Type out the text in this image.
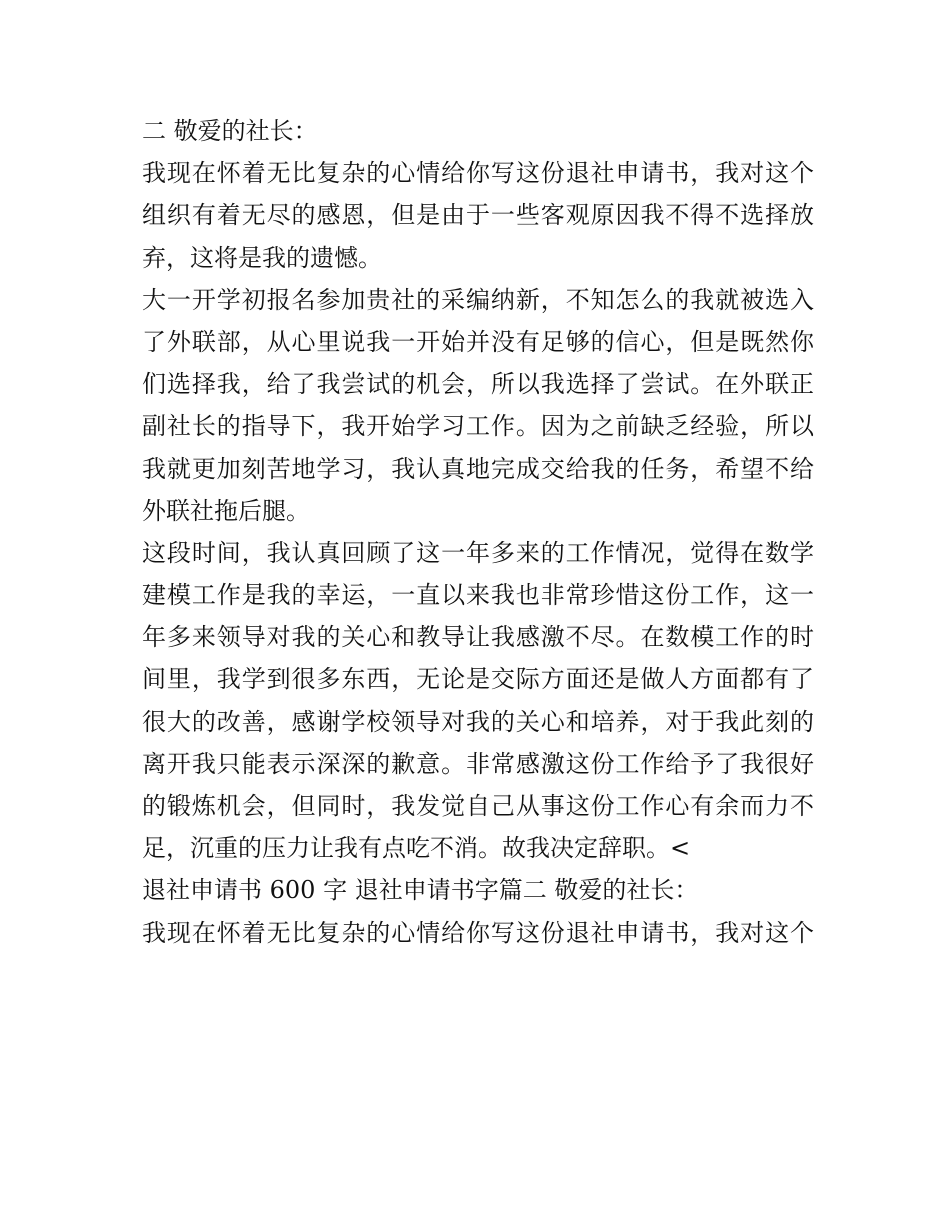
二 敬爱的社长：
我现在怀着无比复杂的心情给你写这份退社申请书，我对这个
组织有着无尽的感恩，但是由于一些客观原因我不得不选择放
弃，这将是我的遗憾。
大一开学初报名参加贵社的采编纳新，不知怎么的我就被选入
了外联部，从心里说我一开始并没有足够的信心，但是既然你
们选择我，给了我尝试的机会，所以我选择了尝试。在外联正
副社长的指导下，我开始学习工作。因为之前缺乏经验，所以
我就更加刻苦地学习，我认真地完成交给我的任务，希望不给
外联社拖后腿。
这段时间，我认真回顾了这一年多来的工作情况，觉得在数学
建模工作是我的幸运，一直以来我也非常珍惜这份工作，这一
年多来领导对我的关心和教导让我感激不尽。在数模工作的时
间里，我学到很多东西，无论是交际方面还是做人方面都有了
很大的改善，感谢学校领导对我的关心和培养，对于我此刻的
离开我只能表示深深的歉意。非常感激这份工作给予了我很好
的锻炼机会，但同时，我发觉自己从事这份工作心有余而力不
足，沉重的压力让我有点吃不消。故我决定辞职。<
退社申请书 600 字 退社申请书字篇二 敬爱的社长：
我现在怀着无比复杂的心情给你写这份退社申请书，我对这个
